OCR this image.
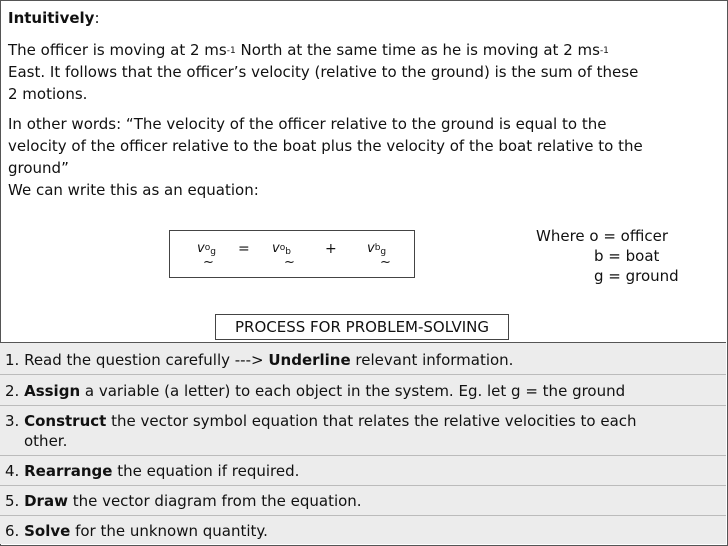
Intuitively:
The officer is moving at 2 $ms^{-1}$ North at the same time as he is moving at 2 $ms^{-1}$
East. It follows that the officer’s velocity (relative to the ground) is the sum of these
2 motions.
In other words: “The velocity of the officer relative to the ground is equal to the
velocity of the officer relative to the boat plus the velocity of the boat relative to the
ground”
We can write this as an equation:
$v^o_g$
~
= $v^o_b$
~
+ $v^b_g$
~
Where o = officer
b = boat
g = ground
PROCESS FOR PROBLEM-SOLVING
1. Read the question carefully ---> Underline relevant information.
2. Assign a variable (a letter) to each object in the system. Eg. let g = the ground
3. Construct the vector symbol equation that relates the relative velocities to each
other.
4. Rearrange the equation if required.
5. Draw the vector diagram from the equation.
6. Solve for the unknown quantity.
